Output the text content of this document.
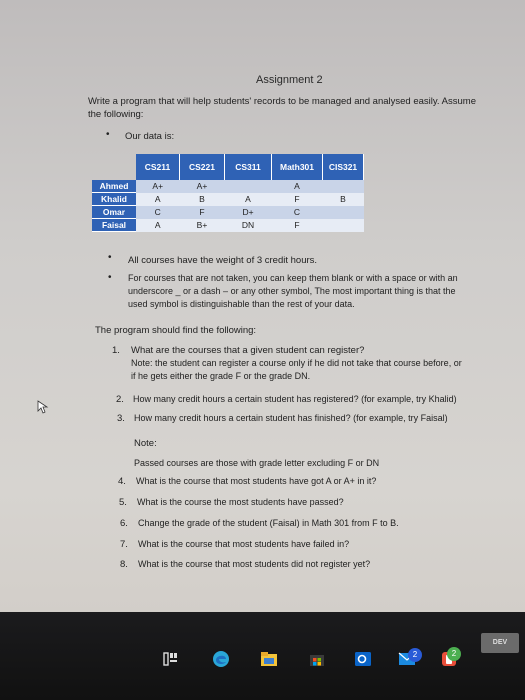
Assignment 2
Write a program that will help students' records to be managed and analysed easily. Assume
the following:
• Our data is:
	CS211	CS221	CS311	Math301	CIS321
Ahmed	A+	A+		A	
Khalid	A	B	A	F	B
Omar	C	F	D+	C	
Faisal	A	B+	DN	F	
• All courses have the weight of 3 credit hours.
• For courses that are not taken, you can keep them blank or with a space or with an
underscore _ or a dash – or any other symbol, The most important thing is that the
used symbol is distinguishable than the rest of your data.
The program should find the following:
1. What are the courses that a given student can register?
Note: the student can register a course only if he did not take that course before, or
if he gets either the grade F or the grade DN.
2. How many credit hours a certain student has registered? (for example, try Khalid)
3. How many credit hours a certain student has finished? (for example, try Faisal)
Note:
Passed courses are those with grade letter excluding F or DN
4. What is the course that most students have got A or A+ in it?
5. What is the course the most students have passed?
6. Change the grade of the student (Faisal) in Math 301 from F to B.
7. What is the course that most students have failed in?
8. What is the course that most students did not register yet?
2	2
DEV
